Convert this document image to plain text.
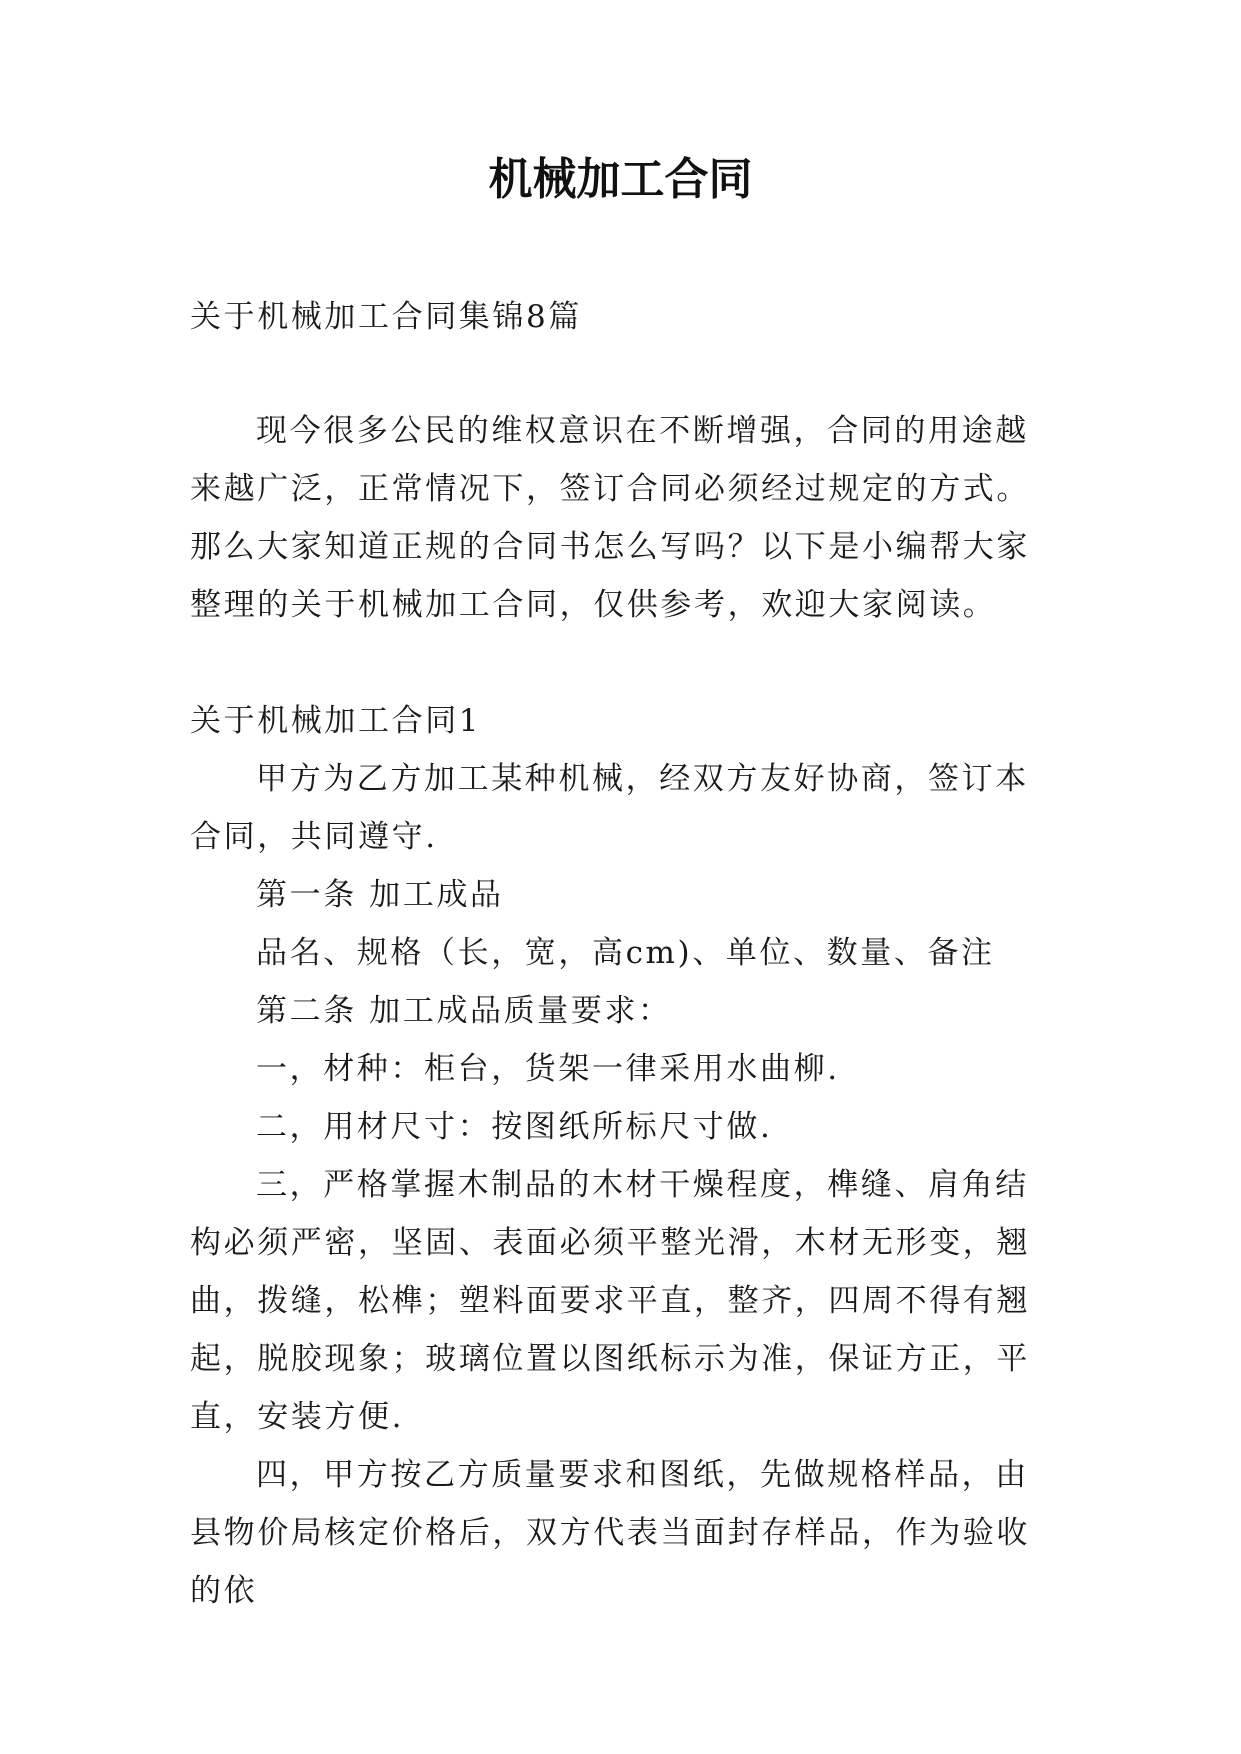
机械加工合同

关于机械加工合同集锦8篇

现今很多公民的维权意识在不断增强，合同的用途越来越广泛，正常情况下，签订合同必须经过规定的方式。那么大家知道正规的合同书怎么写吗？以下是小编帮大家整理的关于机械加工合同，仅供参考，欢迎大家阅读。

关于机械加工合同1

甲方为乙方加工某种机械，经双方友好协商，签订本合同，共同遵守.

第一条 加工成品

品名、规格（长，宽，高cm)、单位、数量、备注

第二条 加工成品质量要求：

一，材种：柜台，货架一律采用水曲柳.

二，用材尺寸：按图纸所标尺寸做.

三，严格掌握木制品的木材干燥程度，榫缝、肩角结构必须严密，坚固、表面必须平整光滑，木材无形变，翘曲，拨缝，松榫；塑料面要求平直，整齐，四周不得有翘起，脱胶现象；玻璃位置以图纸标示为准，保证方正，平直，安装方便.

四，甲方按乙方质量要求和图纸，先做规格样品，由县物价局核定价格后，双方代表当面封存样品，作为验收的依
